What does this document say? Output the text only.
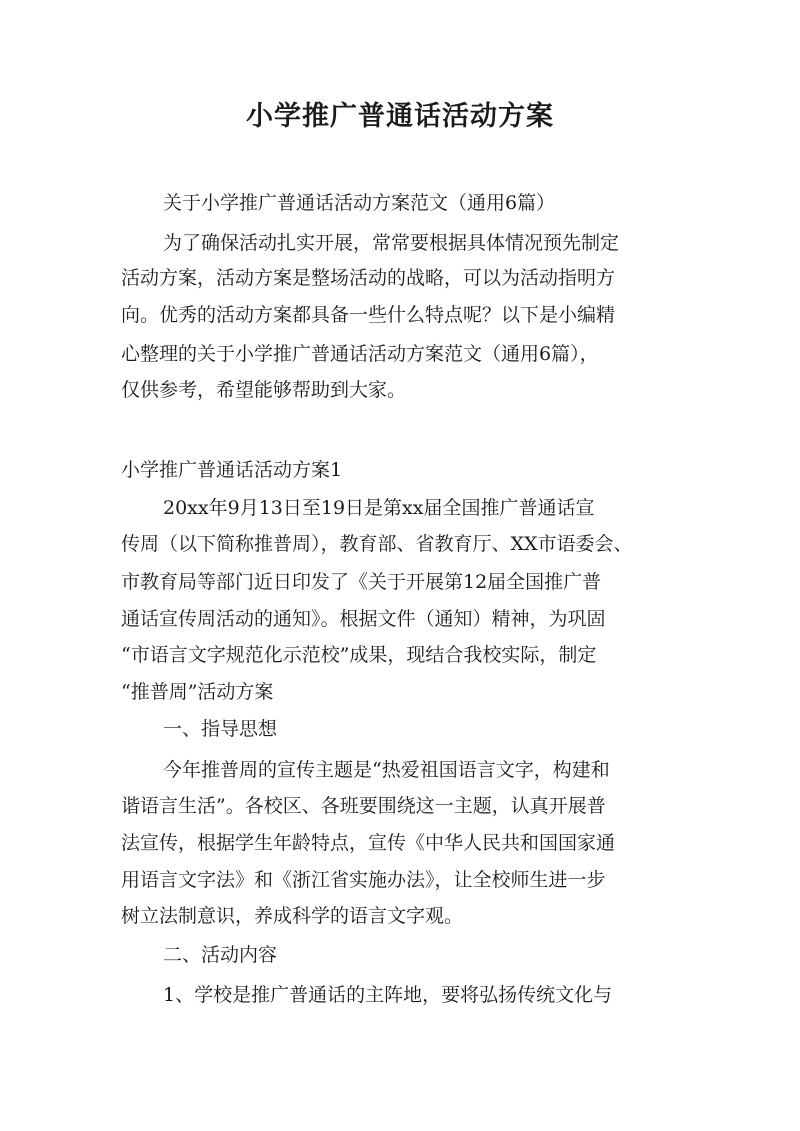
小学推广普通话活动方案
关于小学推广普通话活动方案范文（通用6篇）
为了确保活动扎实开展，常常要根据具体情况预先制定
活动方案，活动方案是整场活动的战略，可以为活动指明方
向。优秀的活动方案都具备一些什么特点呢？以下是小编精
心整理的关于小学推广普通话活动方案范文（通用6篇），
仅供参考，希望能够帮助到大家。
小学推广普通话活动方案1
20xx年9月13日至19日是第xx届全国推广普通话宣
传周（以下简称推普周），教育部、省教育厅、XX市语委会、
市教育局等部门近日印发了《关于开展第12届全国推广普
通话宣传周活动的通知》。根据文件（通知）精神，为巩固
“市语言文字规范化示范校”成果，现结合我校实际，制定
“推普周”活动方案
一、指导思想
今年推普周的宣传主题是“热爱祖国语言文字，构建和
谐语言生活”。各校区、各班要围绕这一主题，认真开展普
法宣传，根据学生年龄特点，宣传《中华人民共和国国家通
用语言文字法》和《浙江省实施办法》，让全校师生进一步
树立法制意识，养成科学的语言文字观。
二、活动内容
1、学校是推广普通话的主阵地，要将弘扬传统文化与
